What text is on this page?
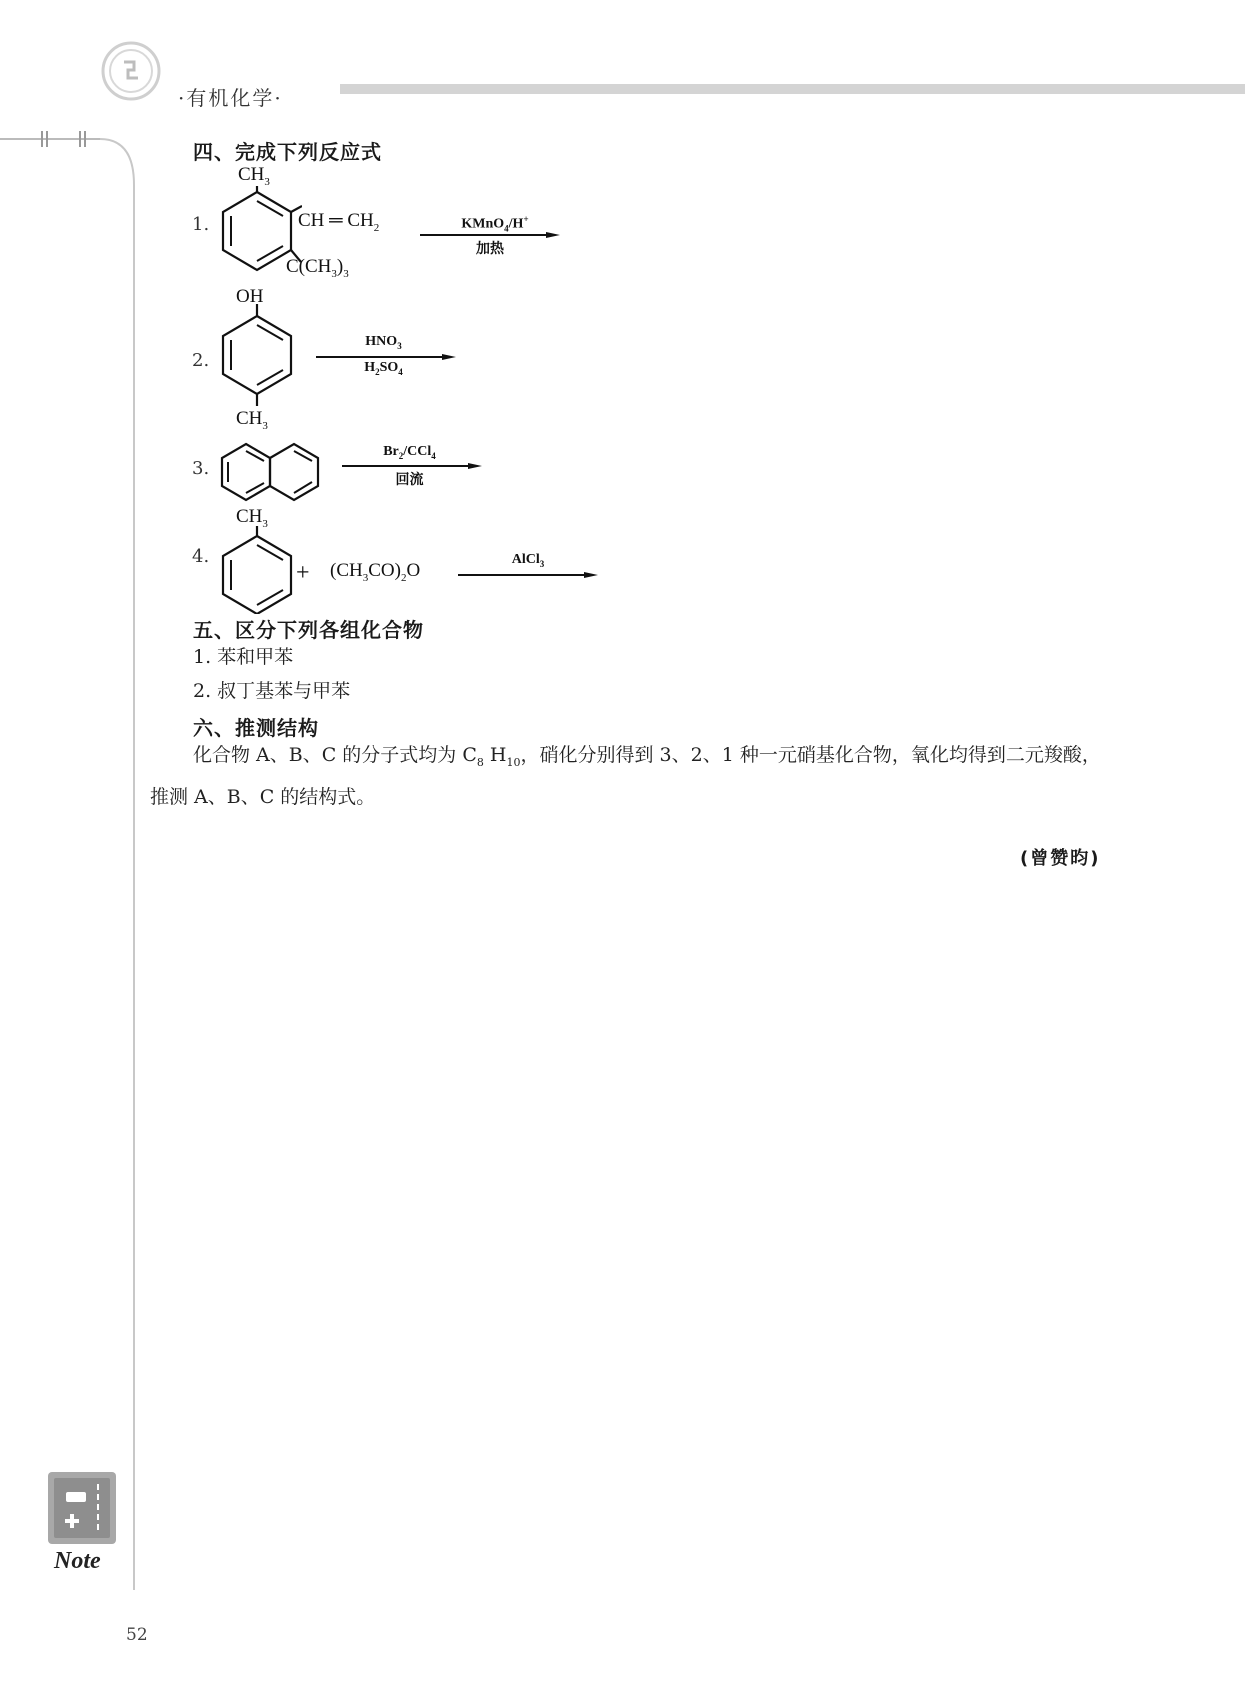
·有机化学·
四、完成下列反应式
1.
$CH_3$
CH ═ $CH_2$
$C(CH_3)_3$
KMnO$_4$/H+
加热
2.
OH
$CH_3$
$HNO_3$
$H_2SO_4$
3.
$Br_2/CCl_4$
回流
4.
$CH_3$
+ $(CH_3CO)_2O$
AlCl$_3$
五、区分下列各组化合物
1. 苯和甲苯
2. 叔丁基苯与甲苯
六、推测结构
化合物 A、B、C 的分子式均为 $C_8$ $H_{10}$，硝化分别得到 3、2、1 种一元硝基化合物，氧化均得到二元羧酸，推测 A、B、C 的结构式。
(曾赞昀)
Note
52
